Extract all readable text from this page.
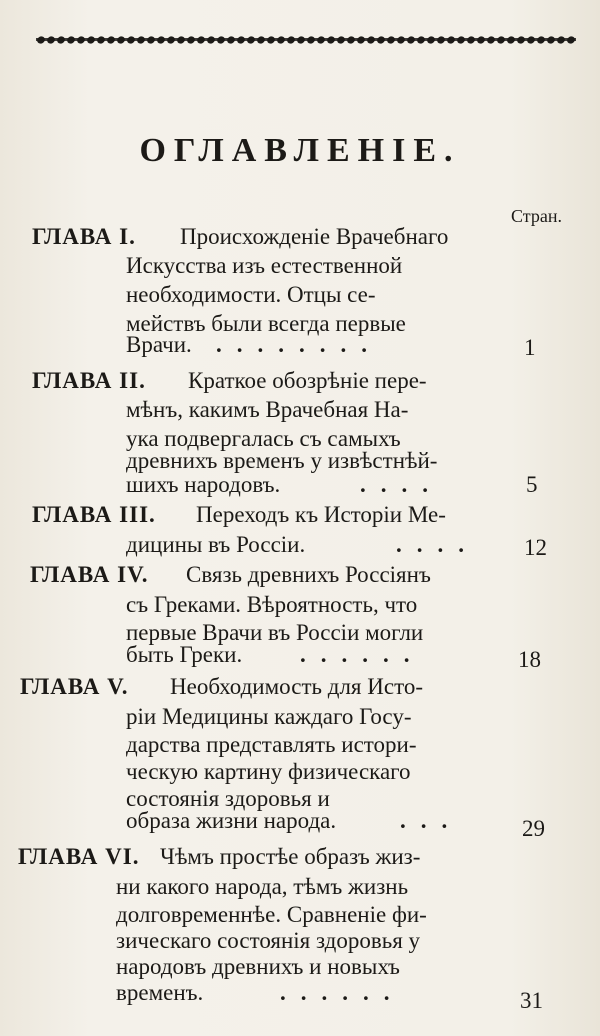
ОГЛАВЛЕНІЕ.
Стран.
ГЛАВА I. Происхожденіе Врачебнаго
Искусства изъ естественной
необходимости. Отцы се-
мействъ были всегда первые
Врачи. ........	1
ГЛАВА II. Краткое обозрѣніе пере-
мѣнъ, какимъ Врачебная На-
ука подвергалась съ самыхъ
древнихъ временъ у извѣстнѣй-
шихъ народовъ.	....	5
ГЛАВА III. Переходъ къ Исторіи Ме-
дицины въ Россіи.	.... 12
ГЛАВА IV. Связь древнихъ Россіянъ
съ Греками. Вѣроятность, что
первые Врачи въ Россіи могли
быть Греки.	......	18
ГЛАВА V. Необходимость для Исто-
ріи Медицины каждаго Госу-
дарства представлять истори-
ческую картину физическаго
состоянія здоровья и
образа жизни народа.	...	29
ГЛАВА VI. Чѣмъ простѣе образъ жиз-
ни какого народа, тѣмъ жизнь
долговременнѣе. Сравненіе фи-
зическаго состоянія здоровья у
народовъ древнихъ и новыхъ
временъ.	......	31
